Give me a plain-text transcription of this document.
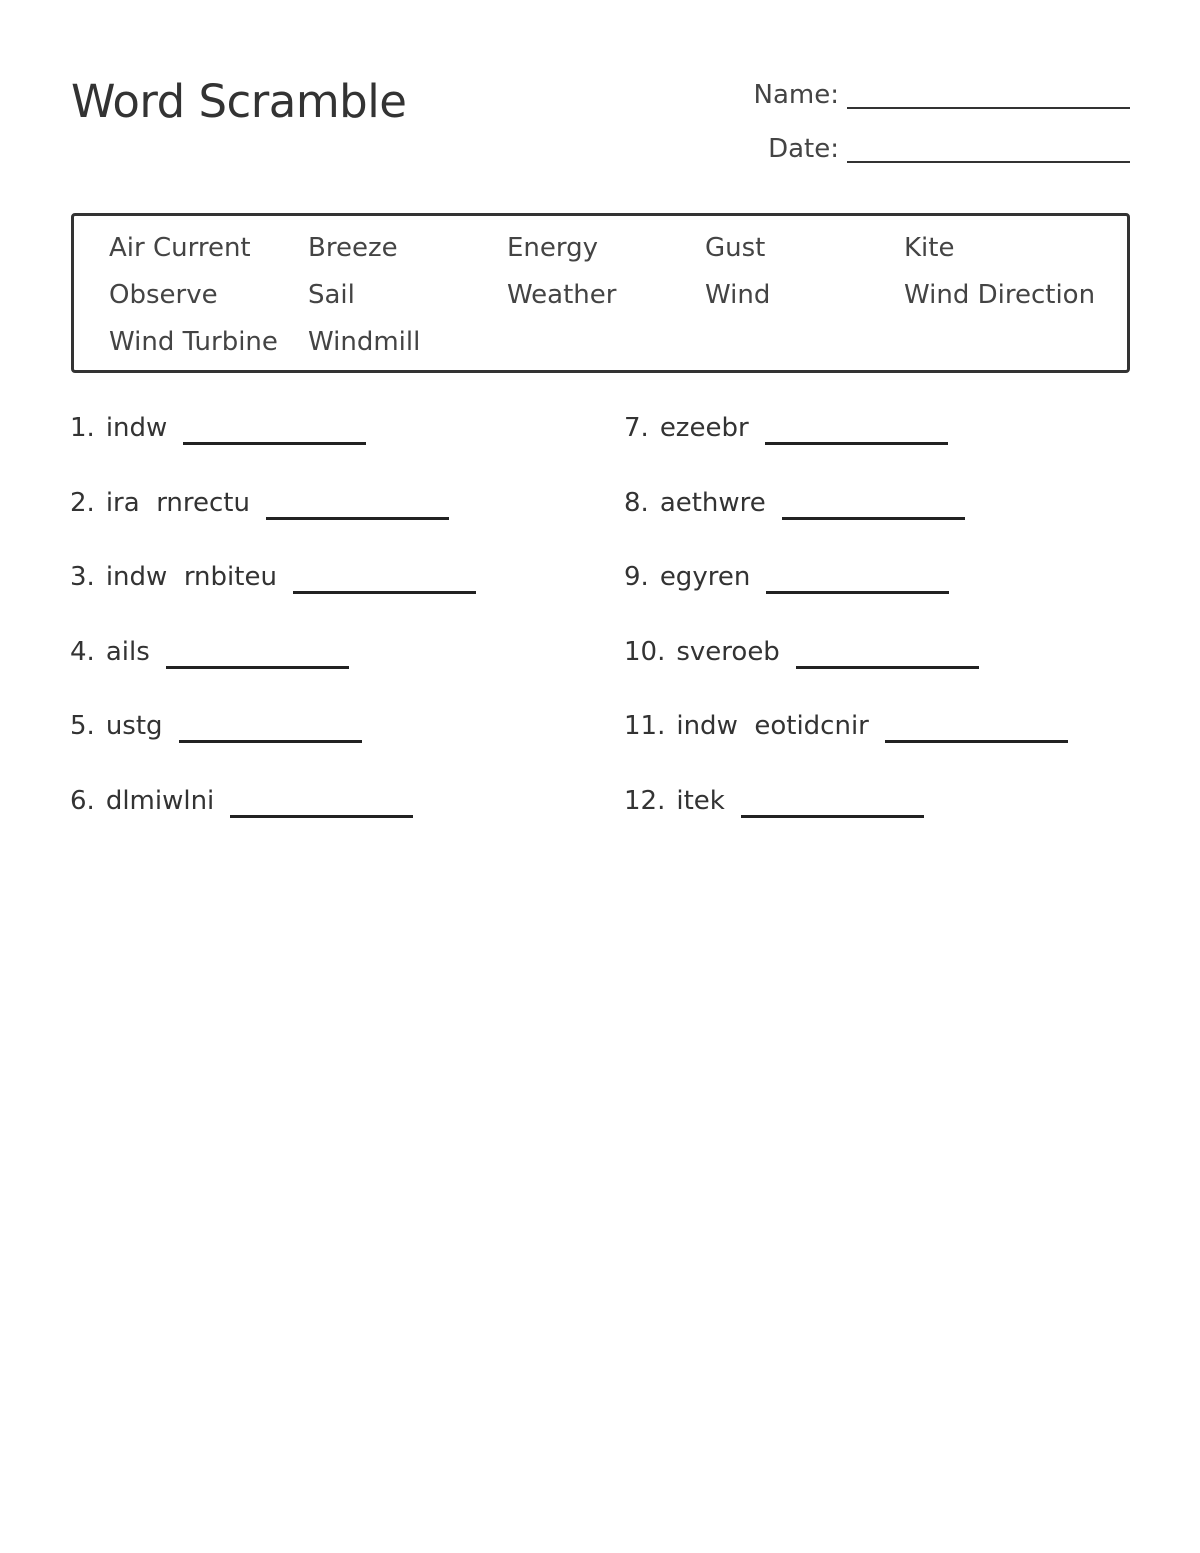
Word Scramble	Name:
Date:
Air Current	Breeze	Energy	Gust	Kite
Observe	Sail	Weather	Wind	Wind Direction
Wind Turbine	Windmill
1. indw
2. ira  rnrectu
3. indw  rnbiteu
4. ails
5. ustg
6. dlmiwlni
7. ezeebr
8. aethwre
9. egyren
10. sveroeb
11. indw  eotidcnir
12. itek
